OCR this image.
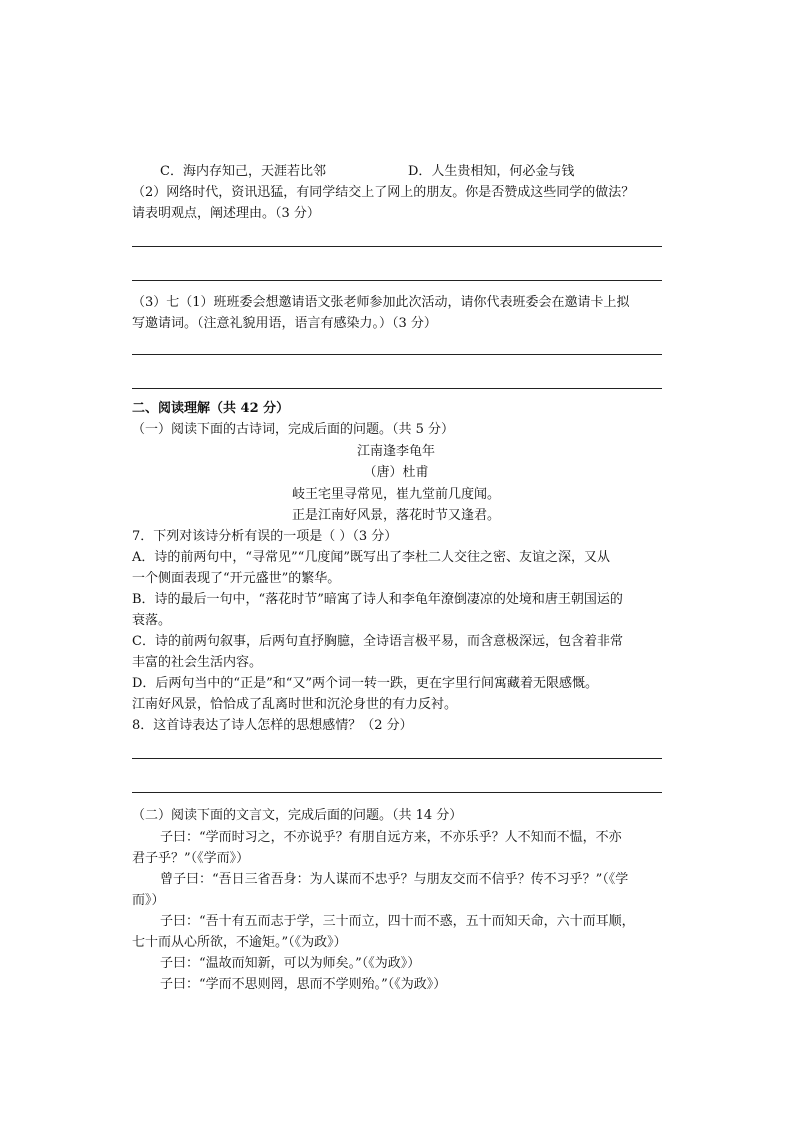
C．海内存知己，天涯若比邻	D．人生贵相知，何必金与钱
（2）网络时代，资讯迅猛，有同学结交上了网上的朋友。你是否赞成这些同学的做法？
请表明观点，阐述理由。（3 分）
（3）七（1）班班委会想邀请语文张老师参加此次活动，请你代表班委会在邀请卡上拟
写邀请词。（注意礼貌用语，语言有感染力。）（3 分）
二、阅读理解（共 42 分）
（一）阅读下面的古诗词，完成后面的问题。（共 5 分）
江南逢李龟年
（唐）杜甫
岐王宅里寻常见，崔九堂前几度闻。
正是江南好风景，落花时节又逢君。
7．下列对该诗分析有误的一项是（ ）（3 分）
A．诗的前两句中，“寻常见”“几度闻”既写出了李杜二人交往之密、友谊之深，又从
一个侧面表现了“开元盛世”的繁华。
B．诗的最后一句中，“落花时节”暗寓了诗人和李龟年潦倒凄凉的处境和唐王朝国运的
衰落。
C．诗的前两句叙事，后两句直抒胸臆，全诗语言极平易，而含意极深远，包含着非常
丰富的社会生活内容。
D．后两句当中的“正是”和“又”两个词一转一跌，更在字里行间寓藏着无限感慨。
江南好风景，恰恰成了乱离时世和沉沦身世的有力反衬。
8．这首诗表达了诗人怎样的思想感情？（2 分）
（二）阅读下面的文言文，完成后面的问题。（共 14 分）
子曰：“学而时习之，不亦说乎？有朋自远方来，不亦乐乎？人不知而不愠，不亦
君子乎？”（《学而》）
曾子曰：“吾日三省吾身：为人谋而不忠乎？与朋友交而不信乎？传不习乎？”（《学
而》）
子曰：“吾十有五而志于学，三十而立，四十而不惑，五十而知天命，六十而耳顺，
七十而从心所欲，不逾矩。”（《为政》）
子曰：“温故而知新，可以为师矣。”（《为政》）
子曰：“学而不思则罔，思而不学则殆。”（《为政》）
